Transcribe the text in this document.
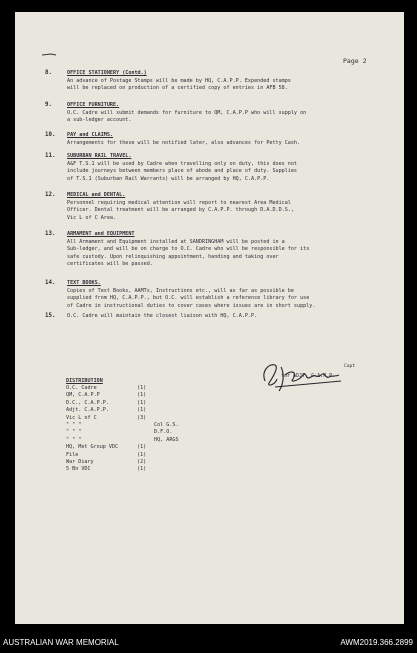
Page 2
8.	OFFICE STATIONERY (Contd.)
An advance of Postage Stamps will be made by HQ, C.A.P.P. Expended stamps
will be replaced on production of a certified copy of entries in AFB 58.
9.	OFFICE FURNITURE.
O.C. Cadre will submit demands for furniture to QM, C.A.P.P who will supply on
a sub-ledger account.
10. PAY and CLAIMS.
Arrangements for these will be notified later, also advances for Petty Cash.
11. SUBURBAN RAIL TRAVEL.
A&F T.S.1 will be used by Cadre when travelling only on duty, this does not
include journeys between members place of abode and place of duty. Supplies
of T.S.1 (Suburban Rail Warrants) will be arranged by HQ, C.A.P.P.
12. MEDICAL and DENTAL.
Personnel requiring medical attention will report to nearest Area Medical
Officer. Dental treatment will be arranged by C.A.P.P. through D.A.D.D.S.,
Vic L of C Area.
13. ARMAMENT and EQUIPMENT
All Armament and Equipment installed at SANDRINGHAM will be posted in a
Sub-ledger, and will be on charge to O.C. Cadre who will be responsible for its
safe custody. Upon relinquishing appointment, handing and taking over
certificates will be passed.
14. TEXT BOOKS.
Copies of Text Books, AAMTs, Instructions etc., will as far as possible be
supplied from HQ, C.A.P.P., but O.C. will establish a reference library for use
of Cadre in instructional duties to cover cases where issues are in short supply.
15. O.C. Cadre will maintain the closest liaison with HQ, C.A.P.P.
Capt
for ADJT, C.A.P.P.
DISTRIBUTION
O.C. Cadre	(1)
QM, C.A.P.P	(1)
D.C., C.A.P.P.	(1)
Adjt. C.A.P.P.	(1)
Vic L of C	(3)
" " "	Col G.S.
" " "	D.F.O.
" " "	HQ, ARGS
HQ, Met Group VDC	(1)
File	(1)
War Diary	(2)
5 Bn VDC	(1)
AUSTRALIAN WAR MEMORIAL	AWM2019.366.2899
